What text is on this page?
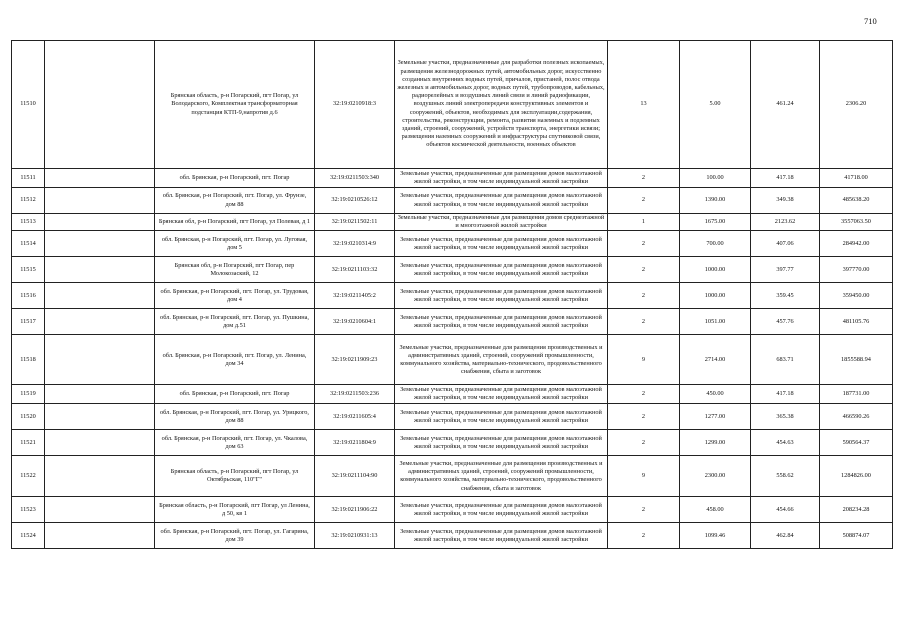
710
11510		Брянская область, р-н Погарский, пгт Погар, ул Володарского, Комплектная трансформаторная подстанция КТП-9,напротив д.6	32:19:0210918:3	Земельные участки, предназначенные для разработки полезных ископаемых, размещения железнодорожных путей, автомобильных дорог, искусственно созданных внутренних водных путей, причалов, пристаней, полос отвода железных и автомобильных дорог, водных путей, трубопроводов, кабельных, радиорелейных и воздушных линий связи и линий радиофикации, воздушных линий электропередачи конструктивных элементов и сооружений, объектов, необходимых для эксплуатации,содержания, строительства, реконструкции, ремонта, развития наземных и подземных зданий, строений, сооружений, устройств транспорта, энергетики исвязи; размещения наземных сооружений и инфраструктуры спутниковой связи, объектов космической деятельности, военных объектов	13	5.00	461.24	2306.20
11511		обл. Брянская, р-н Погарский, пгт. Погар	32:19:0211503:340	Земельные участки, предназначенные для размещения домов малоэтажной жилой застройки, в том числе индивидуальной жилой застройки	2	100.00	417.18	41718.00
11512		обл. Брянская, р-н Погарский, пгт. Погар, ул. Фрунзе, дом 88	32:19:0210526:12	Земельные участки, предназначенные для размещения домов малоэтажной жилой застройки, в том числе индивидуальной жилой застройки	2	1390.00	349.38	485638.20
11513		Брянская обл, р-н Погарский, пгт Погар, ул Полевая, д 1	32:19:0211502:11	Земельные участки, предназначенные для размещения домов среднеэтажной и многоэтажной жилой застройки	1	1675.00	2123.62	3557063.50
11514		обл. Брянская, р-н Погарский, пгт. Погар, ул. Луговая, дом 5	32:19:0210314:9	Земельные участки, предназначенные для размещения домов малоэтажной жилой застройки, в том числе индивидуальной жилой застройки	2	700.00	407.06	284942.00
11515		Брянская обл, р-н Погарский, пгт Погар, пер Молокозаский, 12	32:19:0211103:32	Земельные участки, предназначенные для размещения домов малоэтажной жилой застройки, в том числе индивидуальной жилой застройки	2	1000.00	397.77	397770.00
11516		обл. Брянская, р-н Погарский, пгт. Погар, ул. Трудовая, дом 4	32:19:0211405:2	Земельные участки, предназначенные для размещения домов малоэтажной жилой застройки, в том числе индивидуальной жилой застройки	2	1000.00	359.45	359450.00
11517		обл. Брянская, р-н Погарский, пгт. Погар, ул. Пушкина, дом д.51	32:19:0210604:1	Земельные участки, предназначенные для размещения домов малоэтажной жилой застройки, в том числе индивидуальной жилой застройки	2	1051.00	457.76	481105.76
11518		обл. Брянская, р-н Погарский, пгт. Погар, ул. Ленина, дом 34	32:19:0211909:23	Земельные участки, предназначенные для размещения производственных и административных зданий, строений, сооружений промышленности, коммунального хозяйства, материально-технического, продовольственного снабжения, сбыта и заготовок	9	2714.00	683.71	1855588.94
11519		обл. Брянская, р-н Погарский, пгт. Погар	32:19:0211503:236	Земельные участки, предназначенные для размещения домов малоэтажной жилой застройки, в том числе индивидуальной жилой застройки	2	450.00	417.18	187731.00
11520		обл. Брянская, р-н Погарский, пгт. Погар, ул. Урицкого, дом 88	32:19:0211605:4	Земельные участки, предназначенные для размещения домов малоэтажной жилой застройки, в том числе индивидуальной жилой застройки	2	1277.00	365.38	466590.26
11521		обл. Брянская, р-н Погарский, пгт. Погар, ул. Чкалова, дом 63	32:19:0211804:9	Земельные участки, предназначенные для размещения домов малоэтажной жилой застройки, в том числе индивидуальной жилой застройки	2	1299.00	454.63	590564.37
11522		Брянская область, р-н Погарский, пгт Погар, ул Октябрьская, 110"Г"	32:19:0211104:90	Земельные участки, предназначенные для размещения производственных и административных зданий, строений, сооружений промышленности, коммунального хозяйства, материально-технического, продовольственного снабжения, сбыта и заготовок	9	2300.00	558.62	1284826.00
11523		Брянская область, р-н Погарский, пгт Погар, ул Ленина, д 50, кв 1	32:19:0211906:22	Земельные участки, предназначенные для размещения домов малоэтажной жилой застройки, в том числе индивидуальной жилой застройки	2	458.00	454.66	208234.28
11524		обл. Брянская, р-н Погарский, пгт. Погар, ул. Гагарина, дом 39	32:19:0210931:13	Земельные участки, предназначенные для размещения домов малоэтажной жилой застройки, в том числе индивидуальной жилой застройки	2	1099.46	462.84	508874.07
